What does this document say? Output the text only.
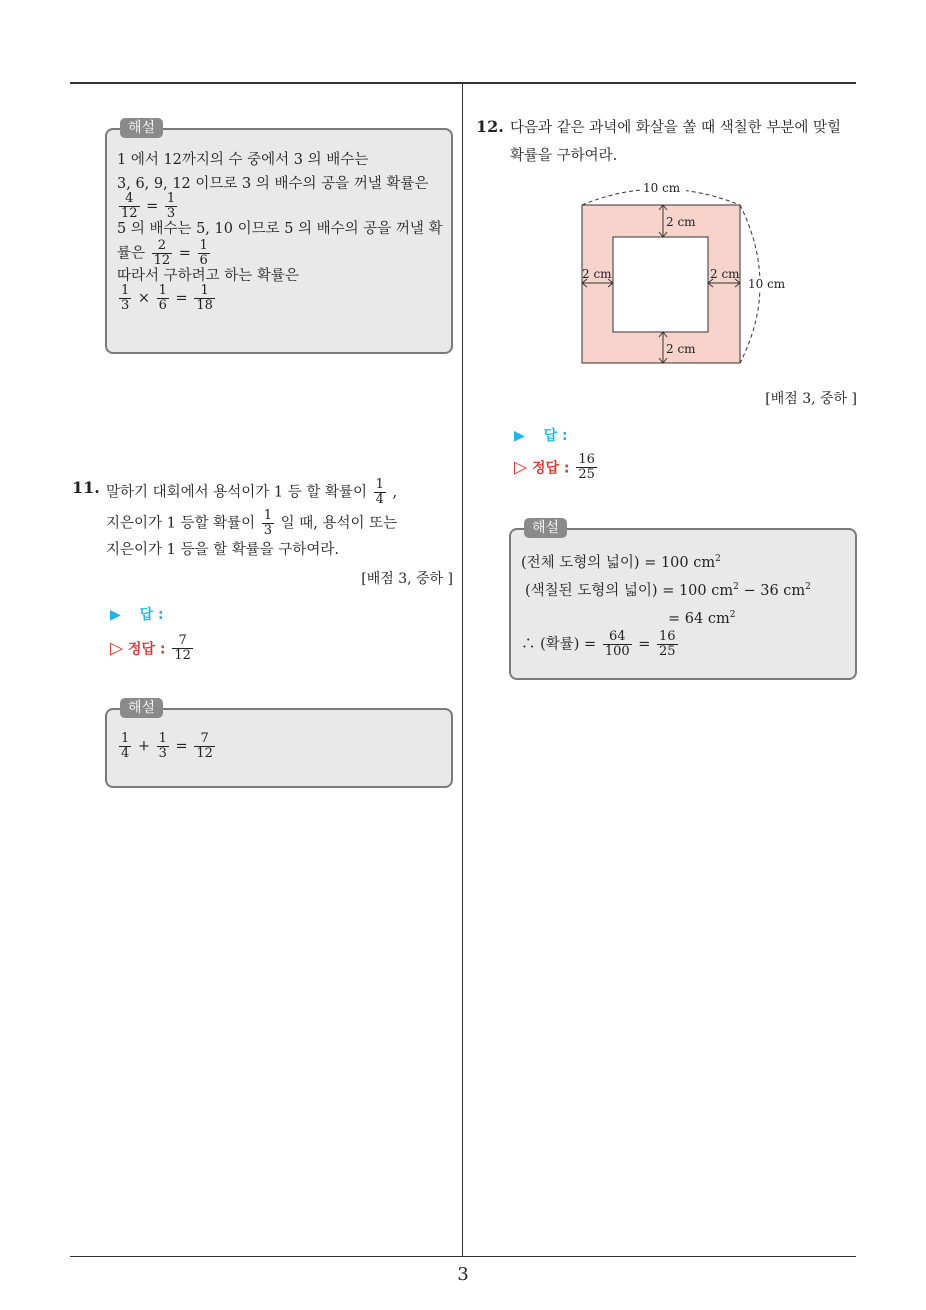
3
해설
1 에서 12까지의 수 중에서 3 의 배수는
3, 6, 9, 12 이므로 3 의 배수의 공을 꺼낼 확률은
$\frac{4}{12} = \frac{1}{3}$
5 의 배수는 5, 10 이므로 5 의 배수의 공을 꺼낼 확
률은 $\frac{2}{12} = \frac{1}{6}$
따라서 구하려고 하는 확률은
$\frac{1}{3} \times \frac{1}{6} = \frac{1}{18}$
11. 말하기 대회에서 용석이가 1 등 할 확률이 $\frac{1}{4}$ ,
지은이가 1 등할 확률이 $\frac{1}{3}$ 일 때, 용석이 또는
지은이가 1 등을 할 확률을 구하여라.
[배점 3, 중하 ]
▶ 답 :
▷ 정답 : $\frac{7}{12}$
해설
$\frac{1}{4} + \frac{1}{3} = \frac{7}{12}$
12. 다음과 같은 과녁에 화살을 쏠 때 색칠한 부분에 맞힐
확률을 구하여라.
10 cm
10 cm
2 cm
2 cm	2 cm
2 cm
[배점 3, 중하 ]
▶ 답 :
▷ 정답 : $\frac{16}{25}$
해설
(전체 도형의 넓이) = 100 $cm^2$
(색칠된 도형의 넓이) = 100 $cm^2 - 36$ $cm^2$
= 64 $cm^2$
∴ (확률) = $\frac{64}{100} = \frac{16}{25}$
